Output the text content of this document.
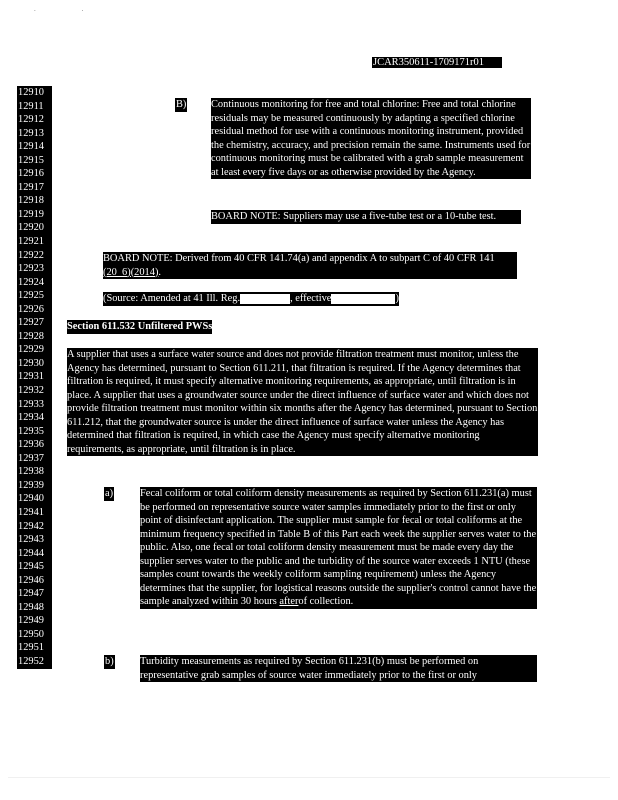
. .
JCAR350611-1709171r01
12910
12911
12912
12913
12914
12915
12916
12917
12918
12919
12920
12921
12922
12923
12924
12925
12926
12927
12928
12929
12930
12931
12932
12933
12934
12935
12936
12937
12938
12939
12940
12941
12942
12943
12944
12945
12946
12947
12948
12949
12950
12951
12952
B) Continuous monitoring for free and total chlorine: Free and total chlorine residuals may be measured continuously by adapting a specified chlorine residual method for use with a continuous monitoring instrument, provided the chemistry, accuracy, and precision remain the same. Instruments used for continuous monitoring must be calibrated with a grab sample measurement at least every five days or as otherwise provided by the Agency.
BOARD NOTE: Suppliers may use a five-tube test or a 10-tube test.
BOARD NOTE: Derived from 40 CFR 141.74(a) and appendix A to subpart C of 40 CFR 141 (20_6)(2014).
(Source: Amended at 41 Ill. Reg.	, effective	)
Section 611.532 Unfiltered PWSs
A supplier that uses a surface water source and does not provide filtration treatment must monitor, unless the Agency has determined, pursuant to Section 611.211, that filtration is required. If the Agency determines that filtration is required, it must specify alternative monitoring requirements, as appropriate, until filtration is in place. A supplier that uses a groundwater source under the direct influence of surface water and which does not provide filtration treatment must monitor within six months after the Agency has determined, pursuant to Section 611.212, that the groundwater source is under the direct influence of surface water unless the Agency has determined that filtration is required, in which case the Agency must specify alternative monitoring requirements, as appropriate, until filtration is in place.
a)	Fecal coliform or total coliform density measurements as required by Section 611.231(a) must be performed on representative source water samples immediately prior to the first or only point of disinfectant application. The supplier must sample for fecal or total coliforms at the minimum frequency specified in Table B of this Part each week the supplier serves water to the public. Also, one fecal or total coliform density measurement must be made every day the supplier serves water to the public and the turbidity of the source water exceeds 1 NTU (these samples count towards the weekly coliform sampling requirement) unless the Agency determines that the supplier, for logistical reasons outside the supplier's control cannot have the sample analyzed within 30 hours afterof collection.
b)	Turbidity measurements as required by Section 611.231(b) must be performed on representative grab samples of source water immediately prior to the first or only
